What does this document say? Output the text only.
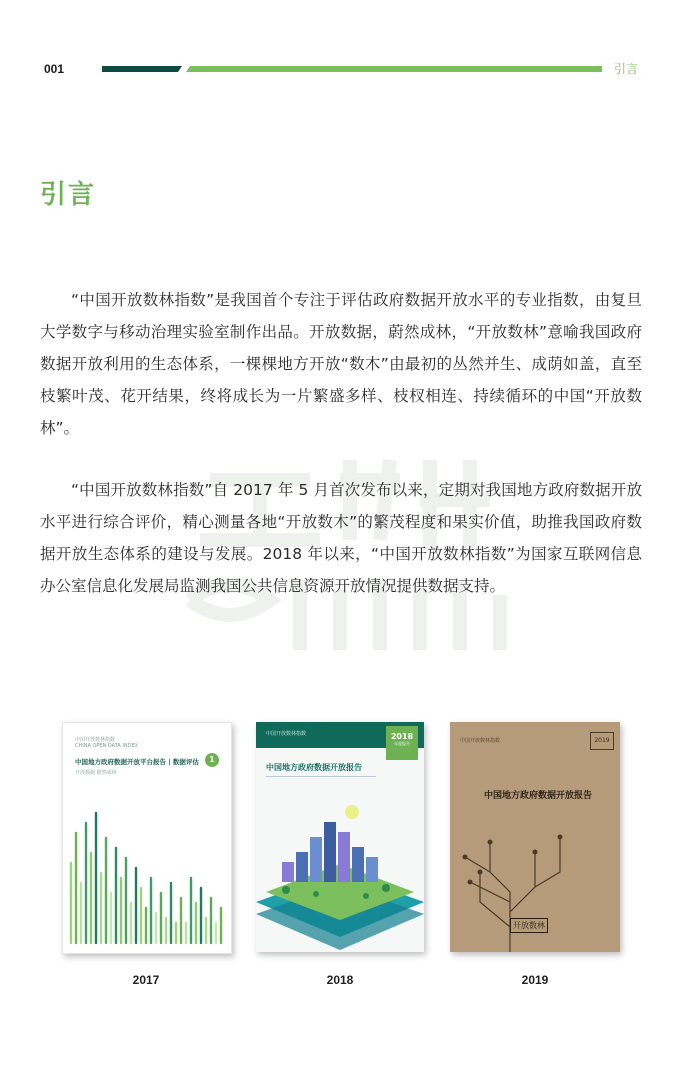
001	引言
引言

“中国开放数林指数”是我国首个专注于评估政府数据开放水平的专业指数，由复旦大学数字与移动治理实验室制作出品。开放数据，蔚然成林，“开放数林”意喻我国政府数据开放利用的生态体系，一棵棵地方开放“数木”由最初的丛然并生、成荫如盖，直至枝繁叶茂、花开结果，终将成长为一片繁盛多样、枝杈相连、持续循环的中国“开放数林”。

“中国开放数林指数”自 2017 年 5 月首次发布以来，定期对我国地方政府数据开放水平进行综合评价，精心测量各地“开放数木”的繁茂程度和果实价值，助推我国政府数据开放生态体系的建设与发展。2018 年以来，“中国开放数林指数”为国家互联网信息办公室信息化发展局监测我国公共信息资源开放情况提供数据支持。

中国开放数林指数
CHINA OPEN DATA INDEX
中国地方政府数据开放平台报告 | 数据评估	1
开放数据 蔚然成林
中国开放数林指数	2018
年度报告
中国地方政府数据开放报告

中国开放数林指数	2019
中国地方政府数据开放报告
开放数林
2017	2018	2019
